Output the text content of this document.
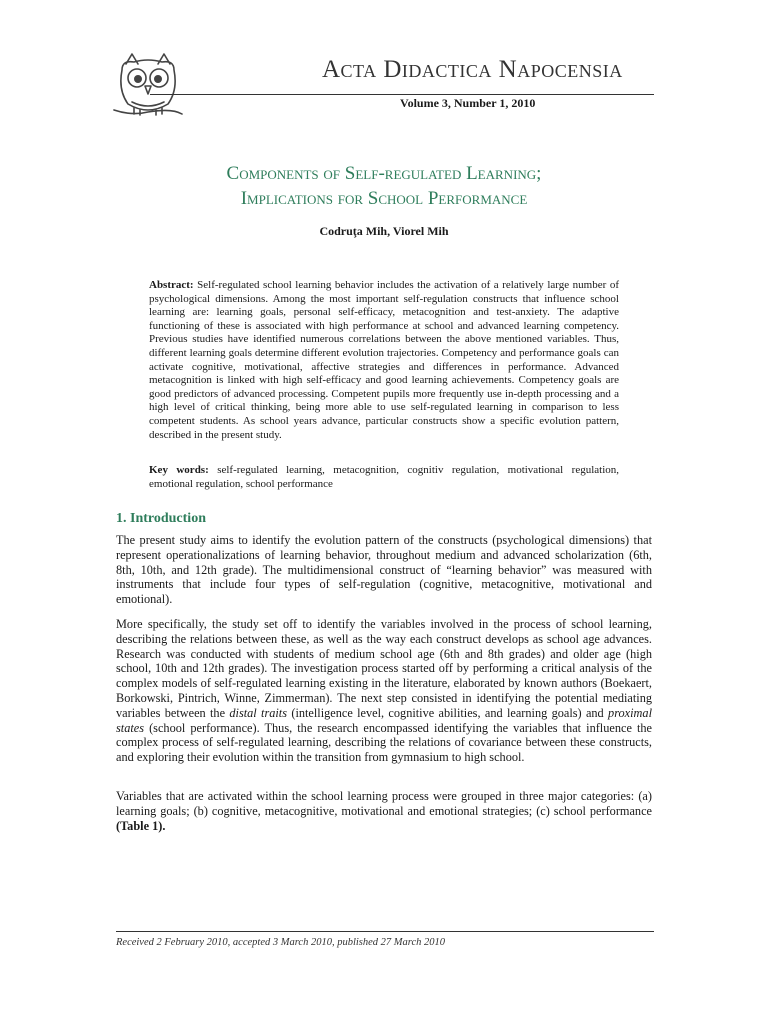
Acta Didactica Napocensia
Volume 3, Number 1, 2010
Components of Self-regulated Learning;
Implications for School Performance
Codruţa Mih, Viorel Mih
Abstract: Self-regulated school learning behavior includes the activation of a relatively large number of psychological dimensions. Among the most important self-regulation constructs that influence school learning are: learning goals, personal self-efficacy, metacognition and test-anxiety. The adaptive functioning of these is associated with high performance at school and advanced learning competency. Previous studies have identified numerous correlations between the above mentioned variables. Thus, different learning goals determine different evolution trajectories. Competency and performance goals can activate cognitive, motivational, affective strategies and differences in performance. Advanced metacognition is linked with high self-efficacy and good learning achievements. Competency goals are good predictors of advanced processing. Competent pupils more frequently use in-depth processing and a high level of critical thinking, being more able to use self-regulated learning in comparison to less competent students. As school years advance, particular constructs show a specific evolution pattern, described in the present study.
Key words: self-regulated learning, metacognition, cognitiv regulation, motivational regulation, emotional regulation, school performance
1. Introduction
The present study aims to identify the evolution pattern of the constructs (psychological dimensions) that represent operationalizations of learning behavior, throughout medium and advanced scholarization (6th, 8th, 10th, and 12th grade). The multidimensional construct of “learning behavior” was measured with instruments that include four types of self-regulation (cognitive, metacognitive, motivational and emotional).
More specifically, the study set off to identify the variables involved in the process of school learning, describing the relations between these, as well as the way each construct develops as school age advances. Research was conducted with students of medium school age (6th and 8th grades) and older age (high school, 10th and 12th grades). The investigation process started off by performing a critical analysis of the complex models of self-regulated learning existing in the literature, elaborated by known authors (Boekaert, Borkowski, Pintrich, Winne, Zimmerman). The next step consisted in identifying the potential mediating variables between the distal traits (intelligence level, cognitive abilities, and learning goals) and proximal states (school performance). Thus, the research encompassed identifying the variables that influence the complex process of self-regulated learning, describing the relations of covariance between these constructs, and exploring their evolution within the transition from gymnasium to high school.
Variables that are activated within the school learning process were grouped in three major categories: (a) learning goals; (b) cognitive, metacognitive, motivational and emotional strategies; (c) school performance (Table 1).
Received 2 February 2010, accepted 3 March 2010, published 27 March 2010
